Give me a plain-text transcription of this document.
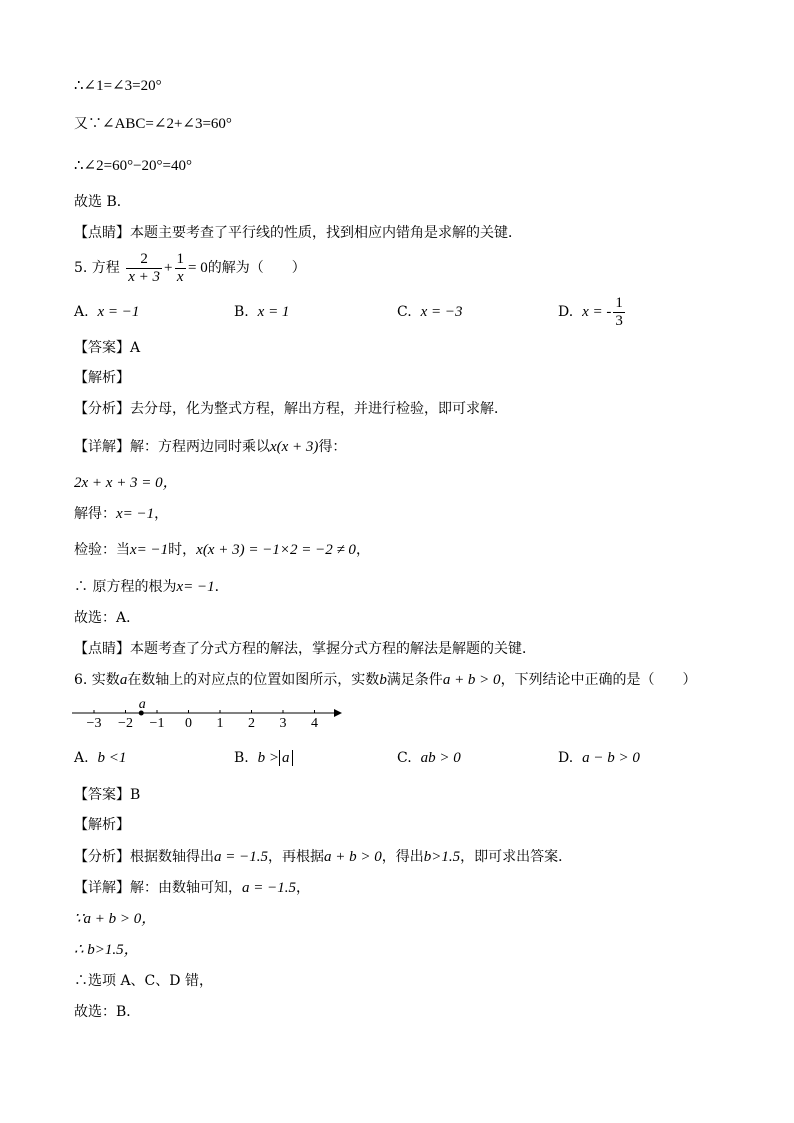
∴∠1=∠3=20°
又∵∠ABC=∠2+∠3=60°
∴∠2=60°−20°=40°
故选 B．
【点睛】本题主要考查了平行线的性质，找到相应内错角是求解的关键．
5. 方程 $\frac{2}{x + 3} + \frac{1}{x} = 0$的解为（　　）
A. x = −1	B. x = 1	C. x = −3	D. x = - $\frac{1}{3}$
【答案】A
【解析】
【分析】去分母，化为整式方程，解出方程，并进行检验，即可求解．
【详解】解：方程两边同时乘以x(x + 3)得：
2x + x + 3 = 0，
解得：x= −1，
检验：当x= −1时，x(x + 3) = −1×2 = −2 ≠ 0，
∴ 原方程的根为x= −1．
故选：A．
【点睛】本题考查了分式方程的解法，掌握分式方程的解法是解题的关键．
6. 实数a在数轴上的对应点的位置如图所示，实数b满足条件a + b > 0，下列结论中正确的是（　　）
−3 −2 −1 0 1 2 3 4
a
A. b <1	B. b > a	C. ab > 0	D. a − b > 0
【答案】B
【解析】
【分析】根据数轴得出a = −1.5，再根据a + b > 0，得出b>1.5，即可求出答案．
【详解】解：由数轴可知，a = −1.5，
∵a + b > 0，
∴ b>1.5，
∴选项 A、C、D 错，
故选：B．
